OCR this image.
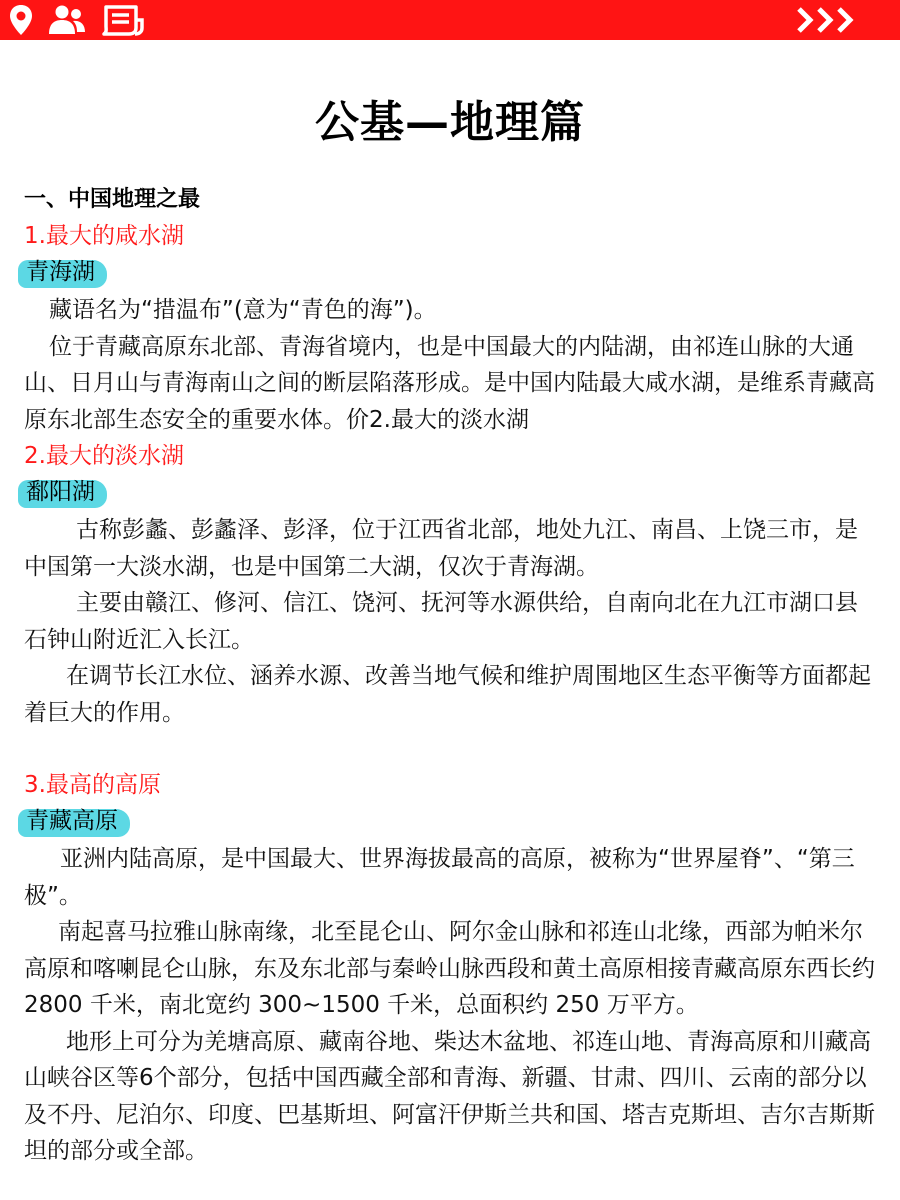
公基—地理篇
一、中国地理之最
1.最大的咸水湖
青海湖

藏语名为“措温布”(意为“青色的海”)。

位于青藏高原东北部、青海省境内，也是中国最大的内陆湖，由祁连山脉的大通山、日月山与青海南山之间的断层陷落形成。是中国内陆最大咸水湖，是维系青藏高原东北部生态安全的重要水体。价2.最大的淡水湖

2.最大的淡水湖
鄱阳湖

古称彭蠡、彭蠡泽、彭泽，位于江西省北部，地处九江、南昌、上饶三市，是中国第一大淡水湖，也是中国第二大湖，仅次于青海湖。

主要由赣江、修河、信江、饶河、抚河等水源供给，自南向北在九江市湖口县石钟山附近汇入长江。

在调节长江水位、涵养水源、改善当地气候和维护周围地区生态平衡等方面都起着巨大的作用。

3.最高的高原
青藏高原

亚洲内陆高原，是中国最大、世界海拔最高的高原，被称为“世界屋脊”、“第三极”。

南起喜马拉雅山脉南缘，北至昆仑山、阿尔金山脉和祁连山北缘，西部为帕米尔高原和喀喇昆仑山脉，东及东北部与秦岭山脉西段和黄土高原相接青藏高原东西长约 2800 千米，南北宽约 300~1500 千米，总面积约 250 万平方。

地形上可分为羌塘高原、藏南谷地、柴达木盆地、祁连山地、青海高原和川藏高山峡谷区等6个部分，包括中国西藏全部和青海、新疆、甘肃、四川、云南的部分以及不丹、尼泊尔、印度、巴基斯坦、阿富汗伊斯兰共和国、塔吉克斯坦、吉尔吉斯斯坦的部分或全部。
